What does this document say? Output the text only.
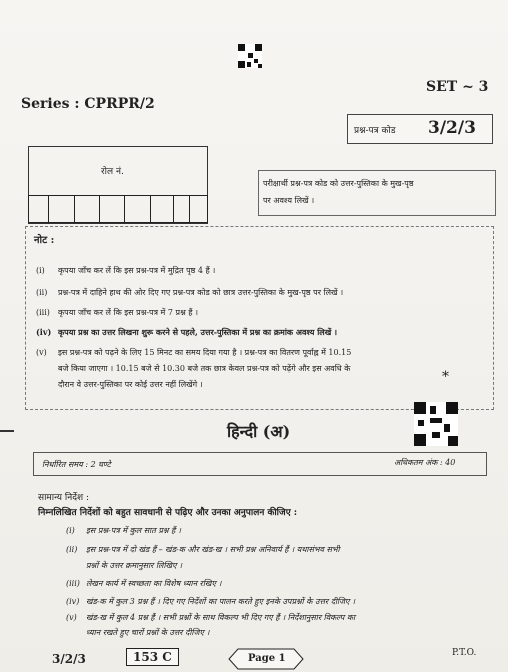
Series : CPRPR/2
SET ~ 3
प्रश्न-पत्र कोड 3/2/3
रोल नं.
परीक्षार्थी प्रश्न-पत्र कोड को उत्तर-पुस्तिका के मुख-पृष्ठ
पर अवश्य लिखें ।
नोट :
(i) कृपया जाँच कर लें कि इस प्रश्न-पत्र में मुद्रित पृष्ठ 4 हैं ।
(ii) प्रश्न-पत्र में दाहिने हाथ की ओर दिए गए प्रश्न-पत्र कोड को छात्र उत्तर-पुस्तिका के मुख-पृष्ठ पर लिखें ।
(iii) कृपया जाँच कर लें कि इस प्रश्न-पत्र में 7 प्रश्न हैं ।
(iv) कृपया प्रश्न का उत्तर लिखना शुरू करने से पहले, उत्तर-पुस्तिका में प्रश्न का क्रमांक अवश्य लिखें ।
(v) इस प्रश्न-पत्र को पढ़ने के लिए 15 मिनट का समय दिया गया है । प्रश्न-पत्र का वितरण पूर्वाह्न में 10.15
बजे किया जाएगा । 10.15 बजे से 10.30 बजे तक छात्र केवल प्रश्न-पत्र को पढ़ेंगे और इस अवधि के
दौरान वे उत्तर-पुस्तिका पर कोई उत्तर नहीं लिखेंगे ।	*
हिन्दी (अ)
निर्धारित समय : 2 घण्टे	अधिकतम अंक : 40
सामान्य निर्देश :
निम्नलिखित निर्देशों को बहुत सावधानी से पढ़िए और उनका अनुपालन कीजिए :
(i) इस प्रश्न-पत्र में कुल सात प्रश्न हैं ।
(ii) इस प्रश्न-पत्र में दो खंड हैं – खंड-क और खंड-ख । सभी प्रश्न अनिवार्य हैं । यथासंभव सभी
प्रश्नों के उत्तर क्रमानुसार लिखिए ।
(iii) लेखन कार्य में स्वच्छता का विशेष ध्यान रखिए ।
(iv) खंड-क में कुल 3 प्रश्न हैं । दिए गए निर्देशों का पालन करते हुए इनके उपप्रश्नों के उत्तर दीजिए ।
(v) खंड-ख में कुल 4 प्रश्न हैं । सभी प्रश्नों के साथ विकल्प भी दिए गए हैं । निर्देशानुसार विकल्प का
ध्यान रखते हुए चारों प्रश्नों के उत्तर दीजिए ।
3/2/3	153 C	Page 1	P.T.O.
